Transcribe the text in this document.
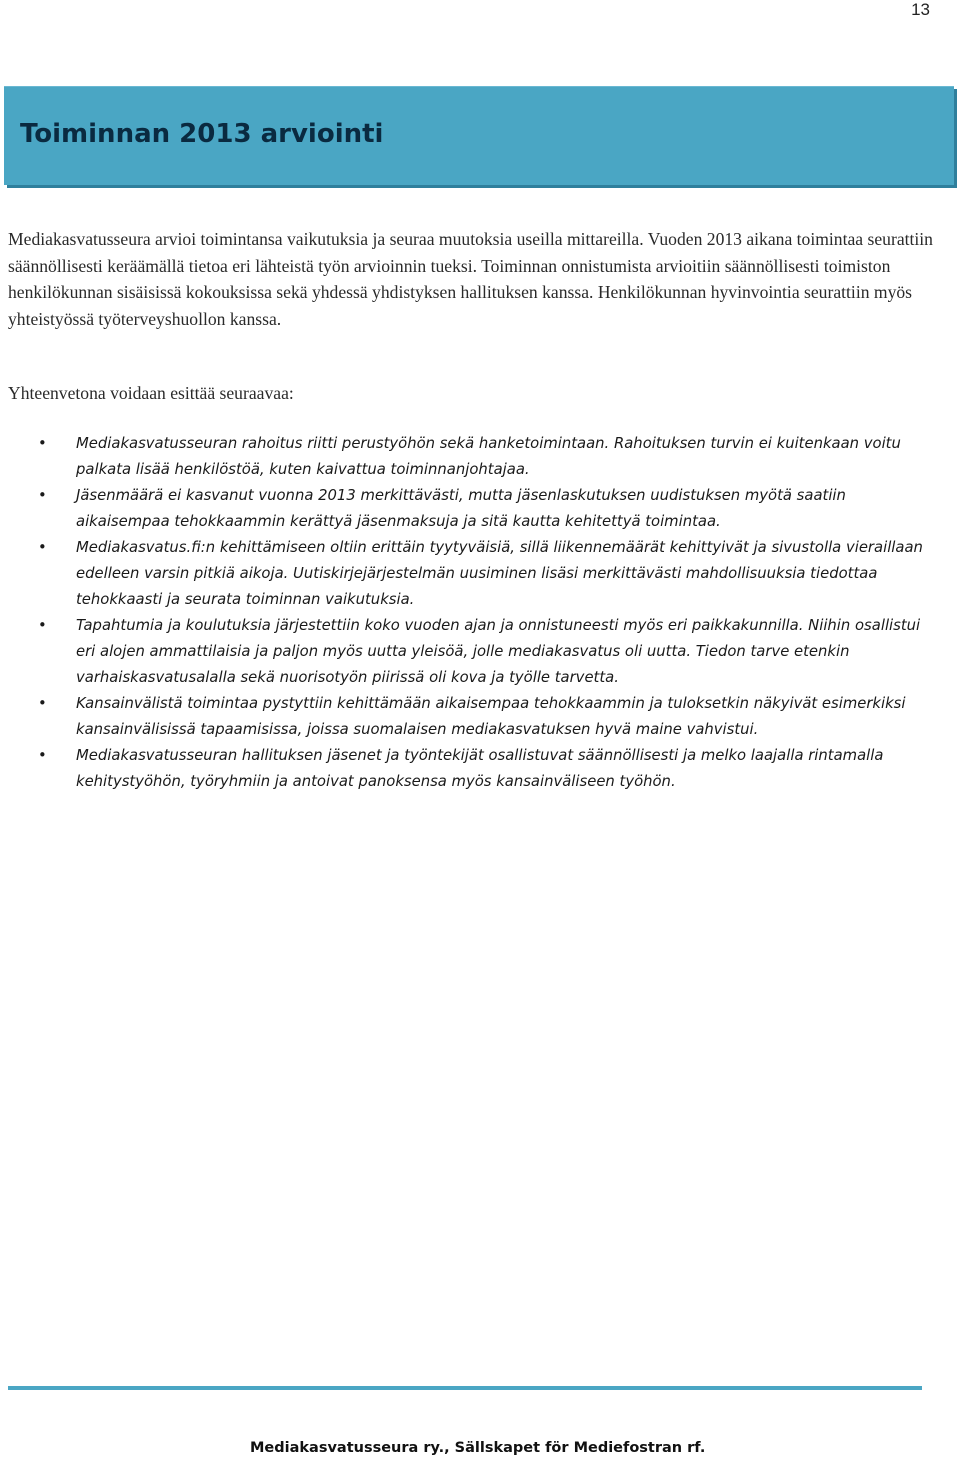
13
Toiminnan 2013 arviointi

Mediakasvatusseura arvioi toimintansa vaikutuksia ja seuraa muutoksia useilla mittareilla. Vuoden 2013 aikana toimintaa seurattiin säännöllisesti keräämällä tietoa eri lähteistä työn arvioinnin tueksi. Toiminnan onnistumista arvioitiin säännöllisesti toimiston henkilökunnan sisäisissä kokouksissa sekä yhdessä yhdistyksen hallituksen kanssa. Henkilökunnan hyvinvointia seurattiin myös yhteistyössä työterveyshuollon kanssa.

Yhteenvetona voidaan esittää seuraavaa:

• Mediakasvatusseuran rahoitus riitti perustyöhön sekä hanketoimintaan. Rahoituksen turvin ei kuitenkaan voitu palkata lisää henkilöstöä, kuten kaivattua toiminnanjohtajaa.
• Jäsenmäärä ei kasvanut vuonna 2013 merkittävästi, mutta jäsenlaskutuksen uudistuksen myötä saatiin aikaisempaa tehokkaammin kerättyä jäsenmaksuja ja sitä kautta kehitettyä toimintaa.
• Mediakasvatus.fi:n kehittämiseen oltiin erittäin tyytyväisiä, sillä liikennemäärät kehittyivät ja sivustolla vieraillaan edelleen varsin pitkiä aikoja. Uutiskirjejärjestelmän uusiminen lisäsi merkittävästi mahdollisuuksia tiedottaa tehokkaasti ja seurata toiminnan vaikutuksia.
• Tapahtumia ja koulutuksia järjestettiin koko vuoden ajan ja onnistuneesti myös eri paikkakunnilla. Niihin osallistui eri alojen ammattilaisia ja paljon myös uutta yleisöä, jolle mediakasvatus oli uutta. Tiedon tarve etenkin varhaiskasvatusalalla sekä nuorisotyön piirissä oli kova ja työlle tarvetta.
• Kansainvälistä toimintaa pystyttiin kehittämään aikaisempaa tehokkaammin ja tuloksetkin näkyivät esimerkiksi kansainvälisissä tapaamisissa, joissa suomalaisen mediakasvatuksen hyvä maine vahvistui.
• Mediakasvatusseuran hallituksen jäsenet ja työntekijät osallistuvat säännöllisesti ja melko laajalla rintamalla kehitystyöhön, työryhmiin ja antoivat panoksensa myös kansainväliseen työhön.

Mediakasvatusseura ry., Sällskapet för Mediefostran rf.
